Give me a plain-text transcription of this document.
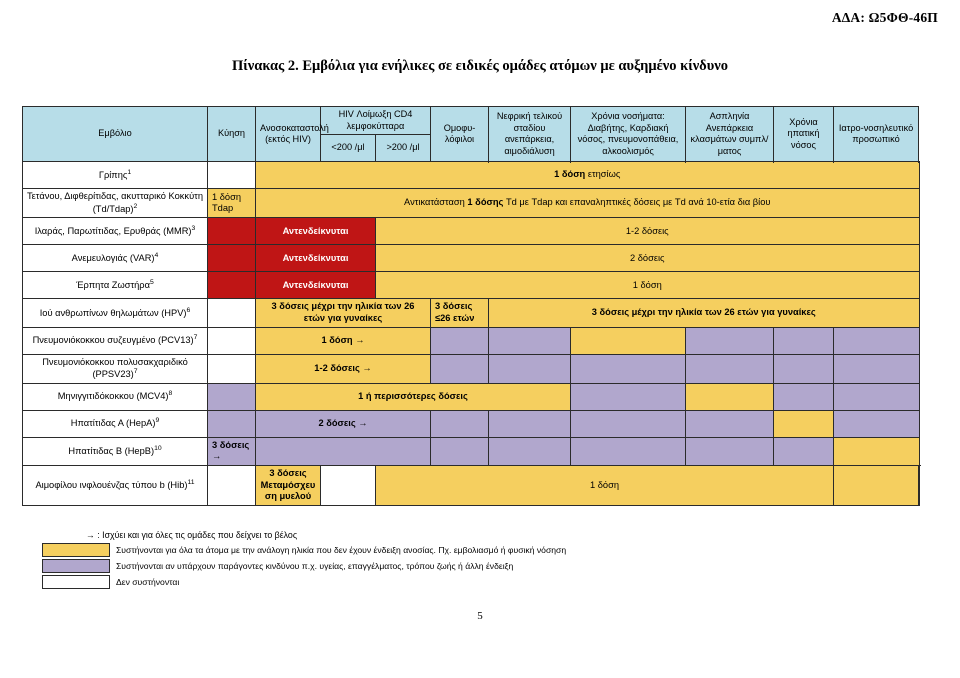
ΑΔΑ: Ω5ΦΘ-46Π
Πίνακας 2. Εμβόλια για ενήλικες σε ειδικές ομάδες ατόμων με αυξημένο κίνδυνο
Εμβόλιο	Κύηση	Ανοσοκαταστολή (εκτός HIV)	HIV Λοίμωξη CD4 λεμφοκύτταρα		Ομοφυ-λόφιλοι	Νεφρική τελικού σταδίου ανεπάρκεια, αιμοδιάλυση	Χρόνια νοσήματα: Διαβήτης, Καρδιακή νόσος, πνευμονοπάθεια, αλκοολισμός	Ασπληνία Ανεπάρκεια κλασμάτων συμπλ/ματος	Χρόνια ηπατική νόσος	Ιατρο-νοσηλευτικό προσωπικό	
			<200 /μl	>200 /μl							

Γρίπης$^1$		1 δόση ετησίως									
Τετάνου, Διφθερίτιδας, ακυτταρικό Κοκκύτη (Td/Tdap)$^2$	1 δόση Tdap	Αντικατάσταση 1 δόσης Td με Tdap και επαναληπτικές δόσεις με Td ανά 10-ετία δια βίου									
Ιλαράς, Παρωτίτιδας, Ερυθράς (MMR)$^3$		Αντενδείκνυται		1-2 δόσεις							
Ανεμευλογιάς (VAR)$^4$		Αντενδείκνυται		2 δόσεις							
Έρπητα Ζωστήρα$^5$		Αντενδείκνυται		1 δόση							
Ιού ανθρωπίνων θηλωμάτων (HPV)$^6$		3 δόσεις μέχρι την ηλικία των 26 ετών για γυναίκες			3 δόσεις ≤26 ετών	3 δόσεις μέχρι την ηλικία των 26 ετών για γυναίκες					
Πνευμονιόκοκκου συζευγμένο $(PCV13)^7$		1 δόση →									
Πνευμονιόκοκκου πολυσακχαριδικό (PPSV23)$^7$		1-2 δόσεις →									
Μηνιγγιτιδόκοκκου $(MCV4)^8$		1 ή περισσότερες δόσεις									
Ηπατίτιδας Α (HepA)$^9$		2 δόσεις →									
Ηπατίτιδας Β (HepB)$^{10}$	3 δόσεις →										
Αιμοφίλου ινφλουένζας τύπου b (Hib)$^{11}$		3 δόσεις Μεταμόσχευ ση μυελού		1 δόση							
→ : Ισχύει και για όλες τις ομάδες που δείχνει το βέλος
Συστήνονται για όλα τα άτομα με την ανάλογη ηλικία που δεν έχουν ένδειξη ανοσίας. Πχ. εμβολιασμό ή φυσική νόσηση
Συστήνονται αν υπάρχουν παράγοντες κινδύνου π.χ. υγείας, επαγγέλματος, τρόπου ζωής ή άλλη ένδειξη
Δεν συστήνονται
5
